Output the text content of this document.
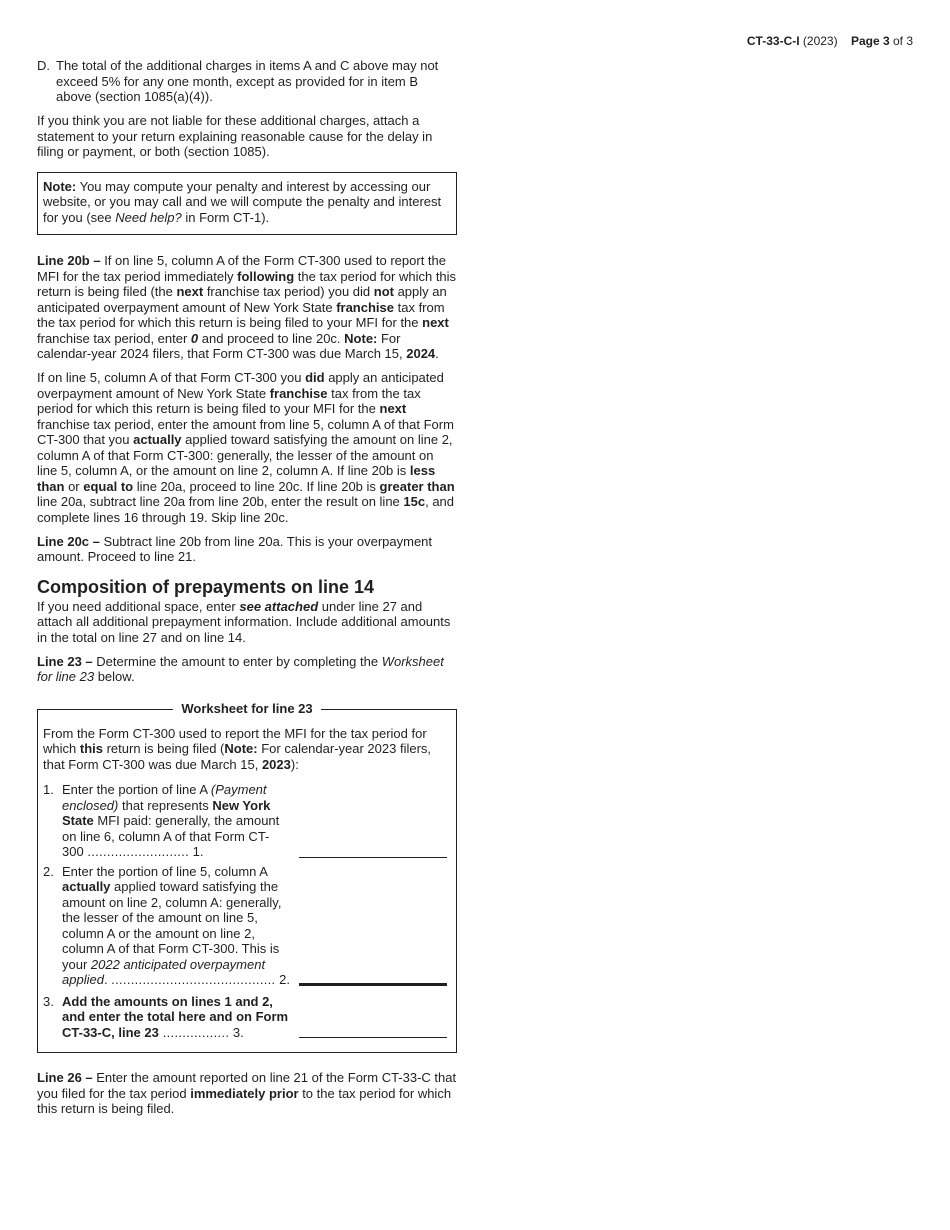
CT-33-C-I (2023) Page 3 of 3
D. The total of the additional charges in items A and C above may not exceed 5% for any one month, except as provided for in item B above (section 1085(a)(4)).

If you think you are not liable for these additional charges, attach a statement to your return explaining reasonable cause for the delay in filing or payment, or both (section 1085).

Note: You may compute your penalty and interest by accessing our website, or you may call and we will compute the penalty and interest for you (see Need help? in Form CT-1).

Line 20b – If on line 5, column A of the Form CT-300 used to report the MFI for the tax period immediately following the tax period for which this return is being filed (the next franchise tax period) you did not apply an anticipated overpayment amount of New York State franchise tax from the tax period for which this return is being filed to your MFI for the next franchise tax period, enter 0 and proceed to line 20c. Note: For calendar-year 2024 filers, that Form CT-300 was due March 15, 2024.

If on line 5, column A of that Form CT-300 you did apply an anticipated overpayment amount of New York State franchise tax from the tax period for which this return is being filed to your MFI for the next franchise tax period, enter the amount from line 5, column A of that Form CT-300 that you actually applied toward satisfying the amount on line 2, column A of that Form CT-300: generally, the lesser of the amount on line 5, column A, or the amount on line 2, column A. If line 20b is less than or equal to line 20a, proceed to line 20c. If line 20b is greater than line 20a, subtract line 20a from line 20b, enter the result on line 15c, and complete lines 16 through 19. Skip line 20c.

Line 20c – Subtract line 20b from line 20a. This is your overpayment amount. Proceed to line 21.

Composition of prepayments on line 14

If you need additional space, enter see attached under line 27 and attach all additional prepayment information. Include additional amounts in the total on line 27 and on line 14.

Line 23 – Determine the amount to enter by completing the Worksheet for line 23 below.

Worksheet for line 23

From the Form CT-300 used to report the MFI for the tax period for which this return is being filed (Note: For calendar-year 2023 filers, that Form CT-300 was due March 15, 2023):

1. Enter the portion of line A (Payment enclosed) that represents New York State MFI paid: generally, the amount on line 6, column A of that Form CT-300 .......................... 1.
2. Enter the portion of line 5, column A actually applied toward satisfying the amount on line 2, column A: generally, the lesser of the amount on line 5, column A or the amount on line 2, column A of that Form CT-300. This is your 2022 anticipated overpayment applied. .......................................... 2.
3. Add the amounts on lines 1 and 2, and enter the total here and on Form CT-33-C, line 23 ................. 3.

Line 26 – Enter the amount reported on line 21 of the Form CT-33-C that you filed for the tax period immediately prior to the tax period for which this return is being filed.
